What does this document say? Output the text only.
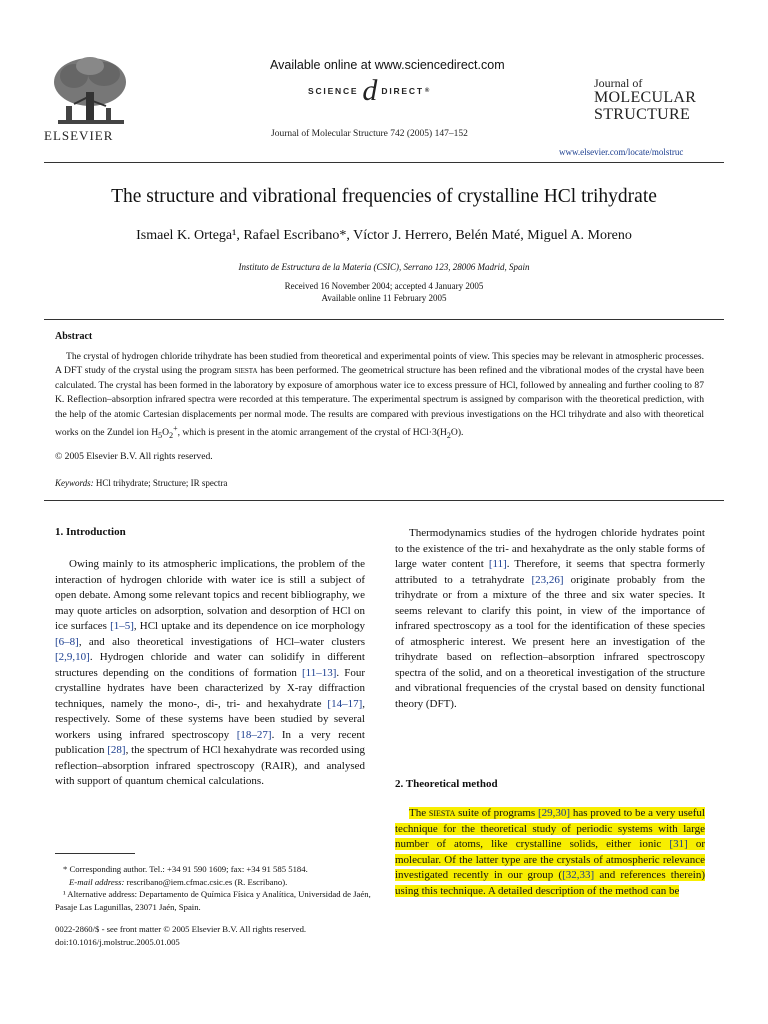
ELSEVIER
Available online at www.sciencedirect.com
SCIENCE d DIRECT ®
Journal of Molecular Structure 742 (2005) 147–152
Journal of
MOLECULAR
STRUCTURE
www.elsevier.com/locate/molstruc
The structure and vibrational frequencies of crystalline HCl trihydrate
Ismael K. Ortega¹, Rafael Escribano*, Víctor J. Herrero, Belén Maté, Miguel A. Moreno
Instituto de Estructura de la Materia (CSIC), Serrano 123, 28006 Madrid, Spain
Received 16 November 2004; accepted 4 January 2005
Available online 11 February 2005
Abstract

The crystal of hydrogen chloride trihydrate has been studied from theoretical and experimental points of view. This species may be relevant in atmospheric processes. A DFT study of the crystal using the program siesta has been performed. The geometrical structure has been refined and the vibrational modes of the crystal have been calculated. The crystal has been formed in the laboratory by exposure of amorphous water ice to excess pressure of HCl, followed by annealing and further cooling to 87 K. Reflection–absorption infrared spectra were recorded at this temperature. The experimental spectrum is assigned by comparison with the theoretical prediction, with the help of the atomic Cartesian displacements per normal mode. The results are compared with previous investigations on the HCl trihydrate and also with theoretical works on the Zundel ion $H_5O_2^+$, which is present in the atomic arrangement of the crystal of $HCl\cdot 3(H_2O)$.

© 2005 Elsevier B.V. All rights reserved.
Keywords: HCl trihydrate; Structure; IR spectra
1. Introduction

Owing mainly to its atmospheric implications, the problem of the interaction of hydrogen chloride with water ice is still a subject of open debate. Among some relevant topics and recent bibliography, we may quote articles on adsorption, solvation and desorption of HCl on ice surfaces [1–5], HCl uptake and its dependence on ice morphology [6–8], and also theoretical investigations of HCl–water clusters [2,9,10]. Hydrogen chloride and water can solidify in different structures depending on the conditions of formation [11–13]. Four crystalline hydrates have been characterized by X-ray diffraction techniques, namely the mono-, di-, tri- and hexahydrate [14–17], respectively. Some of these systems have been studied by several workers using infrared spectroscopy [18–27]. In a very recent publication [28], the spectrum of HCl hexahydrate was recorded using reflection–absorption infrared spectroscopy (RAIR), and analysed with support of quantum chemical calculations.

* Corresponding author. Tel.: +34 91 590 1609; fax: +34 91 585 5184.
E-mail address: rescribano@iem.cfmac.csic.es (R. Escribano).
¹ Alternative address: Departamento de Química Física y Analítica, Universidad de Jaén, Pasaje Las Lagunillas, 23071 Jaén, Spain.
0022-2860/$ - see front matter © 2005 Elsevier B.V. All rights reserved.
doi:10.1016/j.molstruc.2005.01.005

Thermodynamics studies of the hydrogen chloride hydrates point to the existence of the tri- and hexahydrate as the only stable forms of large water content [11]. Therefore, it seems that spectra formerly attributed to a tetrahydrate [23,26] originate probably from the trihydrate or from a mixture of the three and six water species. It seems relevant to clarify this point, in view of the importance of infrared spectroscopy as a tool for the identification of these species of atmospheric interest. We present here an investigation of the trihydrate based on reflection–absorption infrared spectroscopy spectra of the solid, and on a theoretical investigation of the structure and vibrational frequencies of the crystal based on density functional theory (DFT).

2. Theoretical method

The siesta suite of programs [29,30] has proved to be a very useful technique for the theoretical study of periodic systems with large number of atoms, like crystalline solids, either ionic [31] or molecular. Of the latter type are the crystals of atmospheric relevance investigated recently in our group ([32,33] and references therein) using this technique. A detailed description of the method can be
